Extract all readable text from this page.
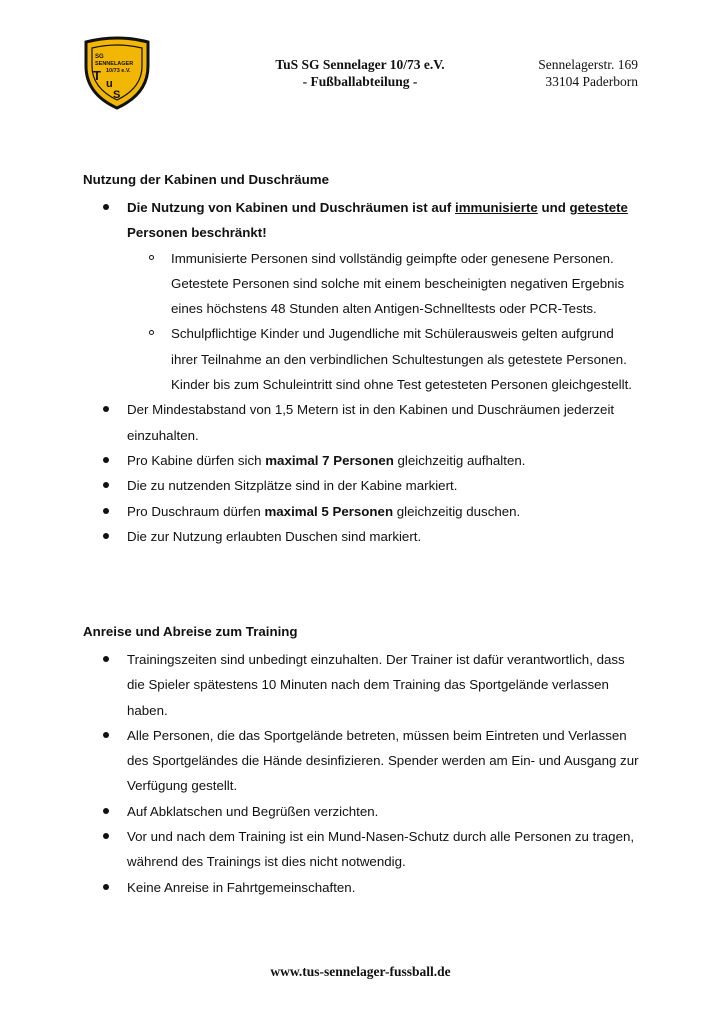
SG
SENNELAGER
10/73 e.V.
T
u
S
TuS SG Sennelager 10/73 e.V.
- Fußballabteilung -
Sennelagerstr. 169
33104 Paderborn

Nutzung der Kabinen und Duschräume

Die Nutzung von Kabinen und Duschräumen ist auf immunisierte und getestete Personen beschränkt!
Immunisierte Personen sind vollständig geimpfte oder genesene Personen. Getestete Personen sind solche mit einem bescheinigten negativen Ergebnis eines höchstens 48 Stunden alten Antigen-Schnelltests oder PCR-Tests.
Schulpflichtige Kinder und Jugendliche mit Schülerausweis gelten aufgrund ihrer Teilnahme an den verbindlichen Schultestungen als getestete Personen. Kinder bis zum Schuleintritt sind ohne Test getesteten Personen gleichgestellt.
Der Mindestabstand von 1,5 Metern ist in den Kabinen und Duschräumen jederzeit einzuhalten.
Pro Kabine dürfen sich maximal 7 Personen gleichzeitig aufhalten.
Die zu nutzenden Sitzplätze sind in der Kabine markiert.
Pro Duschraum dürfen maximal 5 Personen gleichzeitig duschen.
Die zur Nutzung erlaubten Duschen sind markiert.

Anreise und Abreise zum Training

Trainingszeiten sind unbedingt einzuhalten. Der Trainer ist dafür verantwortlich, dass die Spieler spätestens 10 Minuten nach dem Training das Sportgelände verlassen haben.
Alle Personen, die das Sportgelände betreten, müssen beim Eintreten und Verlassen des Sportgeländes die Hände desinfizieren. Spender werden am Ein- und Ausgang zur Verfügung gestellt.
Auf Abklatschen und Begrüßen verzichten.
Vor und nach dem Training ist ein Mund-Nasen-Schutz durch alle Personen zu tragen, während des Trainings ist dies nicht notwendig.
Keine Anreise in Fahrtgemeinschaften.
www.tus-sennelager-fussball.de
